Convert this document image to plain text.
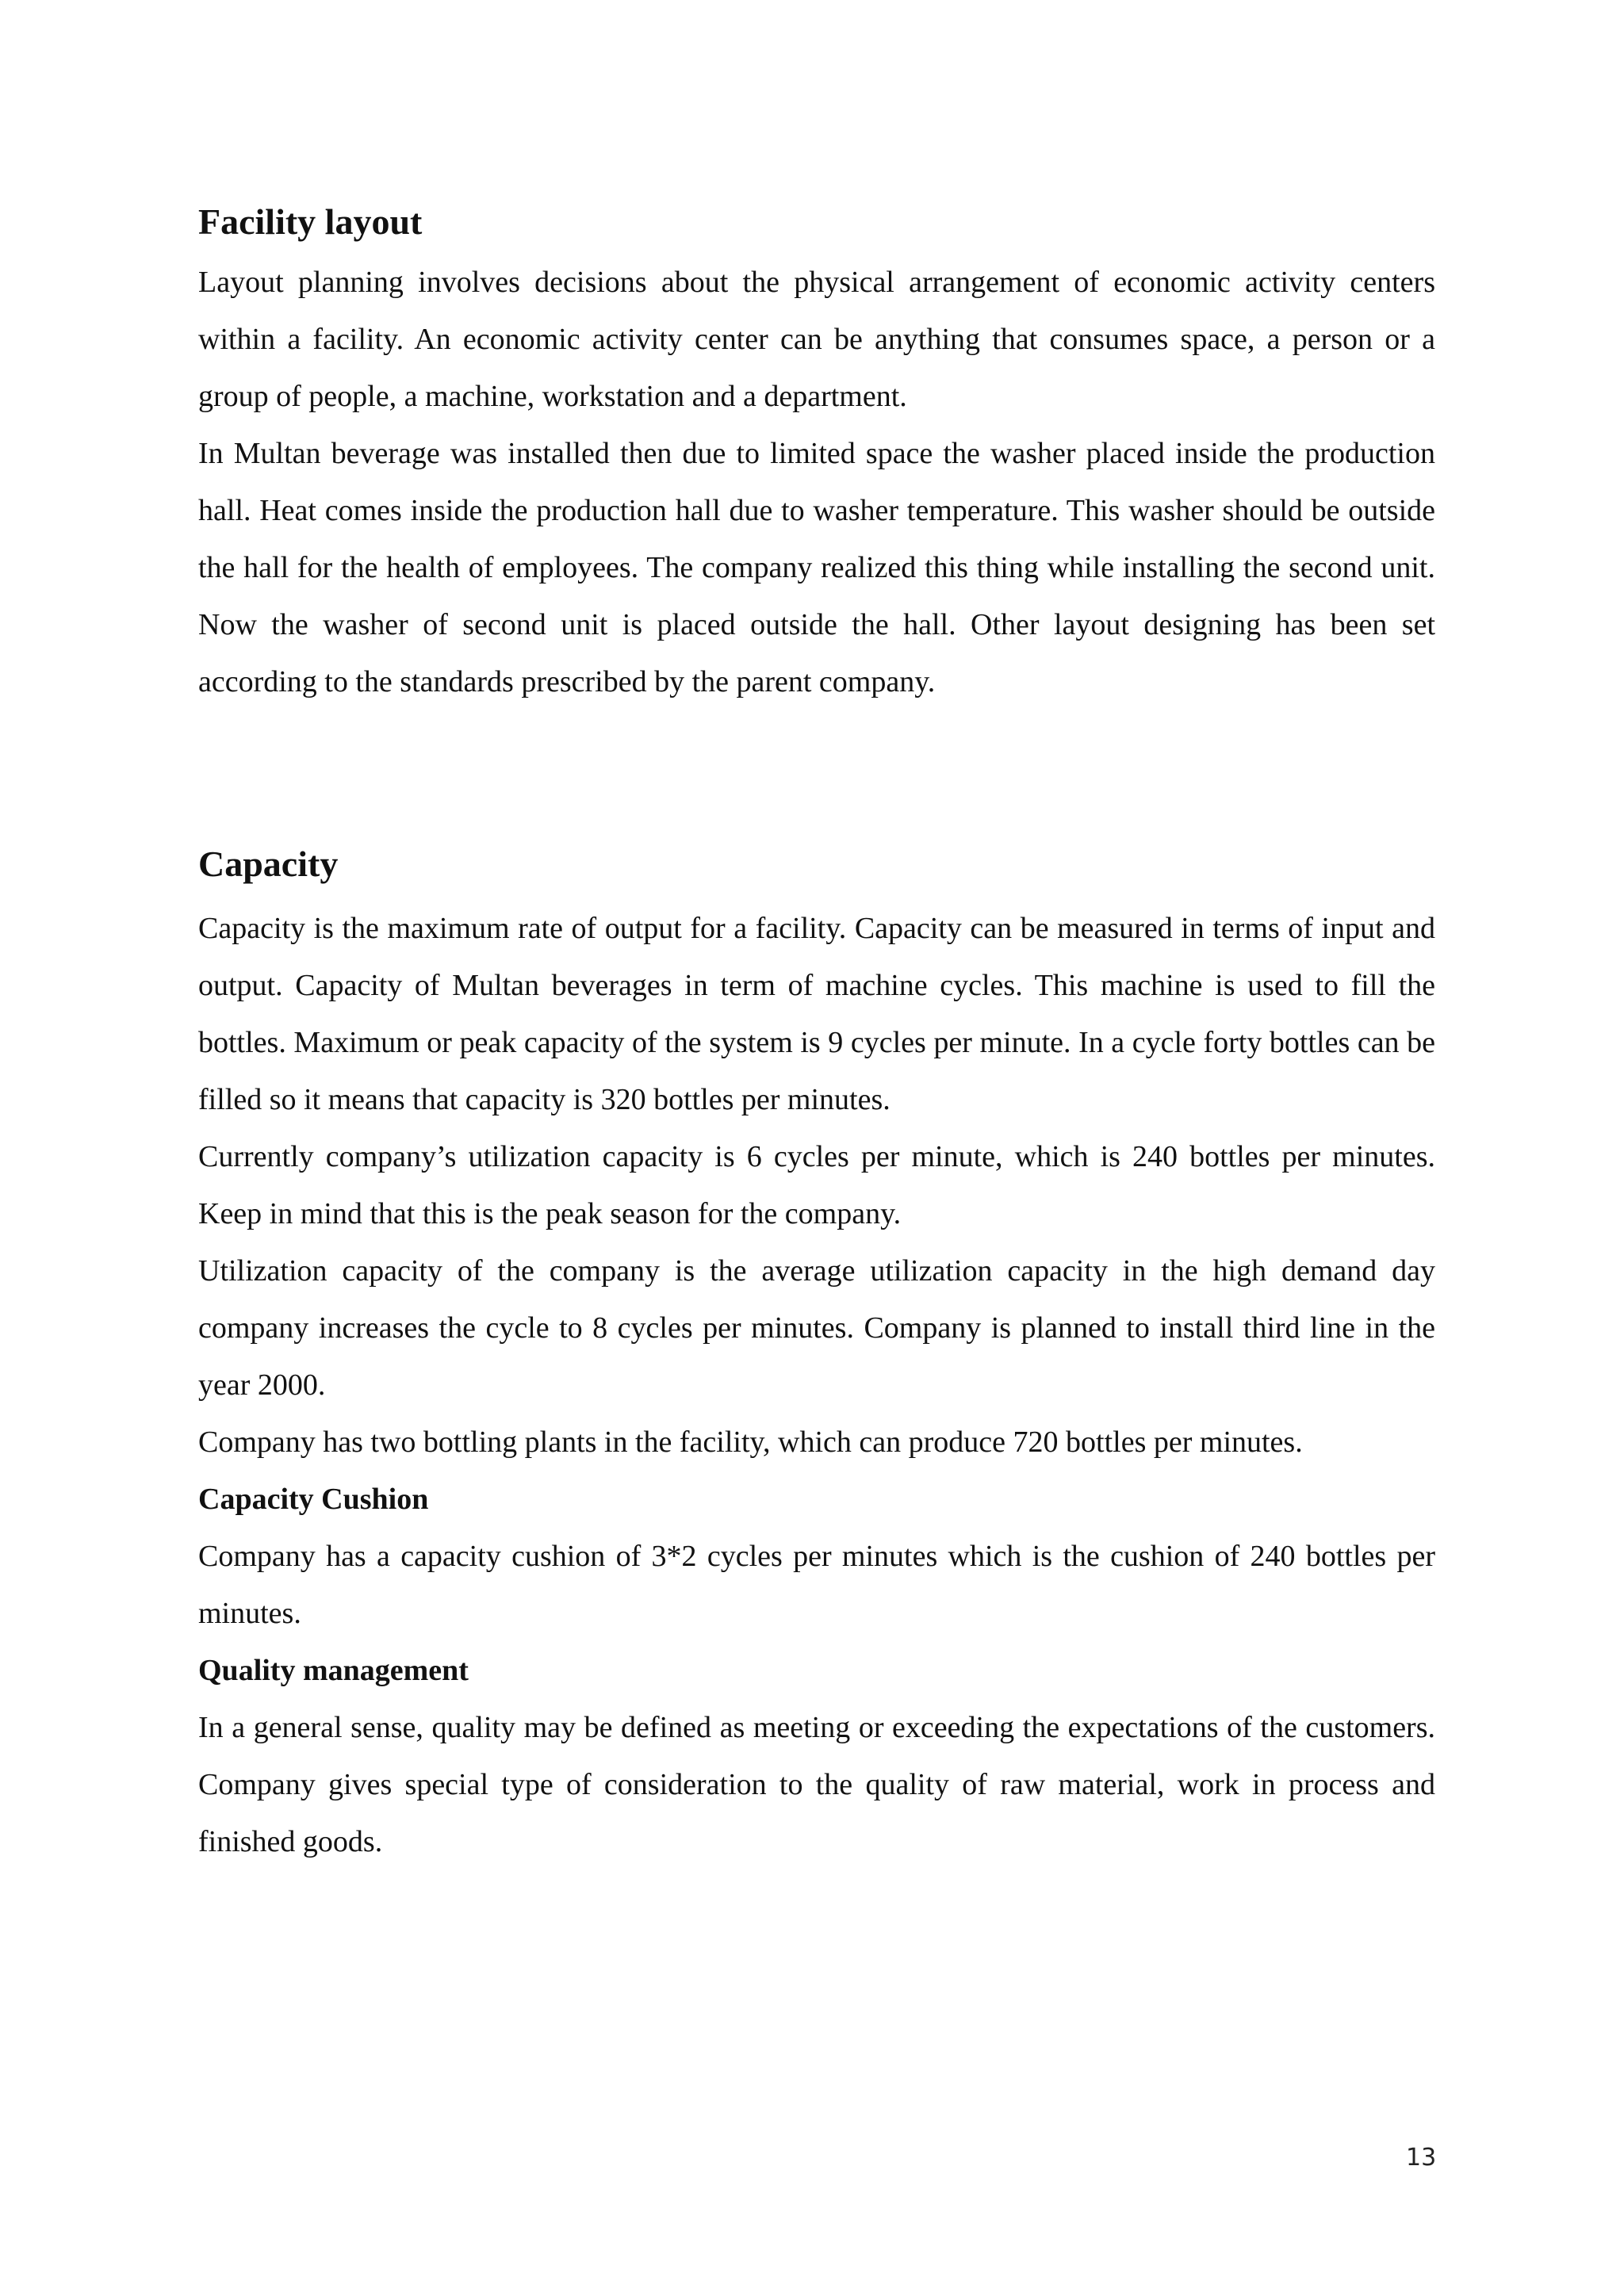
Facility layout

Layout planning involves decisions about the physical arrangement of economic activity centers within a facility. An economic activity center can be anything that consumes space, a person or a group of people, a machine, workstation and a department.

In Multan beverage was installed then due to limited space the washer placed inside the production hall. Heat comes inside the production hall due to washer temperature. This washer should be outside the hall for the health of employees. The company realized this thing while installing the second unit. Now the washer of second unit is placed outside the hall. Other layout designing has been set according to the standards prescribed by the parent company.

Capacity

Capacity is the maximum rate of output for a facility. Capacity can be measured in terms of input and output. Capacity of Multan beverages in term of machine cycles. This machine is used to fill the bottles. Maximum or peak capacity of the system is 9 cycles per minute. In a cycle forty bottles can be filled so it means that capacity is 320 bottles per minutes.

Currently company’s utilization capacity is 6 cycles per minute, which is 240 bottles per minutes. Keep in mind that this is the peak season for the company.

Utilization capacity of the company is the average utilization capacity in the high demand day company increases the cycle to 8 cycles per minutes. Company is planned to install third line in the year 2000.

Company has two bottling plants in the facility, which can produce 720 bottles per minutes.

Capacity Cushion

Company has a capacity cushion of 3*2 cycles per minutes which is the cushion of 240 bottles per minutes.

Quality management

In a general sense, quality may be defined as meeting or exceeding the expectations of the customers. Company gives special type of consideration to the quality of raw material, work in process and finished goods.

13
